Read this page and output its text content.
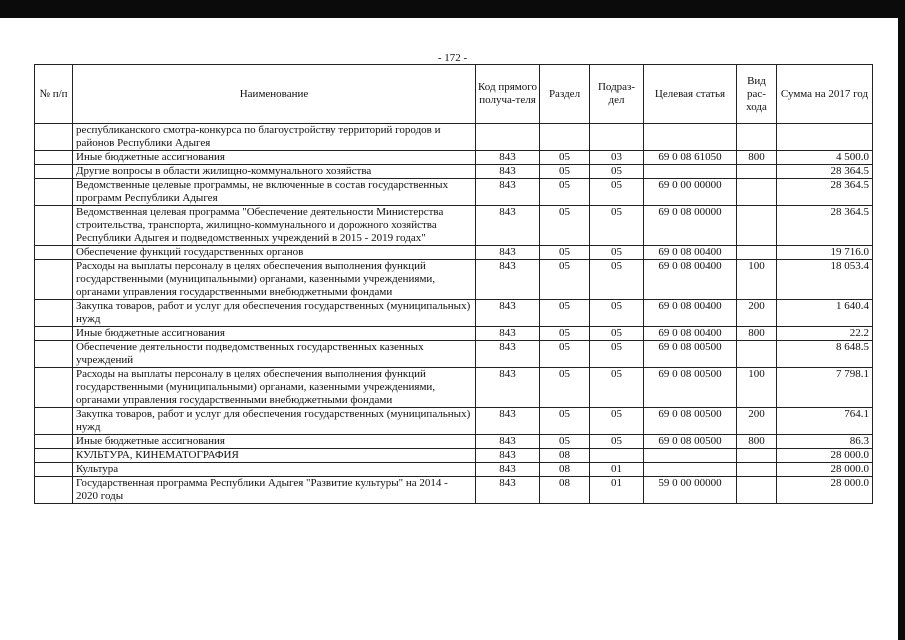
- 172 -
№ п/п	Наименование	Код прямого получа-теля	Раздел	Подраз-дел	Целевая статья	Вид рас-хода	Сумма на 2017 год
	республиканского смотра-конкурса по благоустройству территорий городов и районов Республики Адыгея						
	Иные бюджетные ассигнования	843	05	03	69 0 08 61050	800	4 500.0
	Другие вопросы в области жилищно-коммунального хозяйства	843	05	05			28 364.5
	Ведомственные целевые программы, не включенные в состав государственных программ Республики Адыгея	843	05	05	69 0 00 00000		28 364.5
	Ведомственная целевая программа "Обеспечение деятельности Министерства строительства, транспорта, жилищно-коммунального и дорожного хозяйства Республики Адыгея и подведомственных учреждений в 2015 - 2019 годах"	843	05	05	69 0 08 00000		28 364.5
	Обеспечение функций государственных органов	843	05	05	69 0 08 00400		19 716.0
	Расходы на выплаты персоналу в целях обеспечения выполнения функций государственными (муниципальными) органами, казенными учреждениями, органами управления государственными внебюджетными фондами	843	05	05	69 0 08 00400	100	18 053.4
	Закупка товаров, работ и услуг для обеспечения государственных (муниципальных) нужд	843	05	05	69 0 08 00400	200	1 640.4
	Иные бюджетные ассигнования	843	05	05	69 0 08 00400	800	22.2
	Обеспечение деятельности подведомственных государственных казенных учреждений	843	05	05	69 0 08 00500		8 648.5
	Расходы на выплаты персоналу в целях обеспечения выполнения функций государственными (муниципальными) органами, казенными учреждениями, органами управления государственными внебюджетными фондами	843	05	05	69 0 08 00500	100	7 798.1
	Закупка товаров, работ и услуг для обеспечения государственных (муниципальных) нужд	843	05	05	69 0 08 00500	200	764.1
	Иные бюджетные ассигнования	843	05	05	69 0 08 00500	800	86.3
	КУЛЬТУРА, КИНЕМАТОГРАФИЯ	843	08				28 000.0
	Культура	843	08	01			28 000.0
	Государственная программа Республики Адыгея "Развитие культуры" на 2014 - 2020 годы	843	08	01	59 0 00 00000		28 000.0
